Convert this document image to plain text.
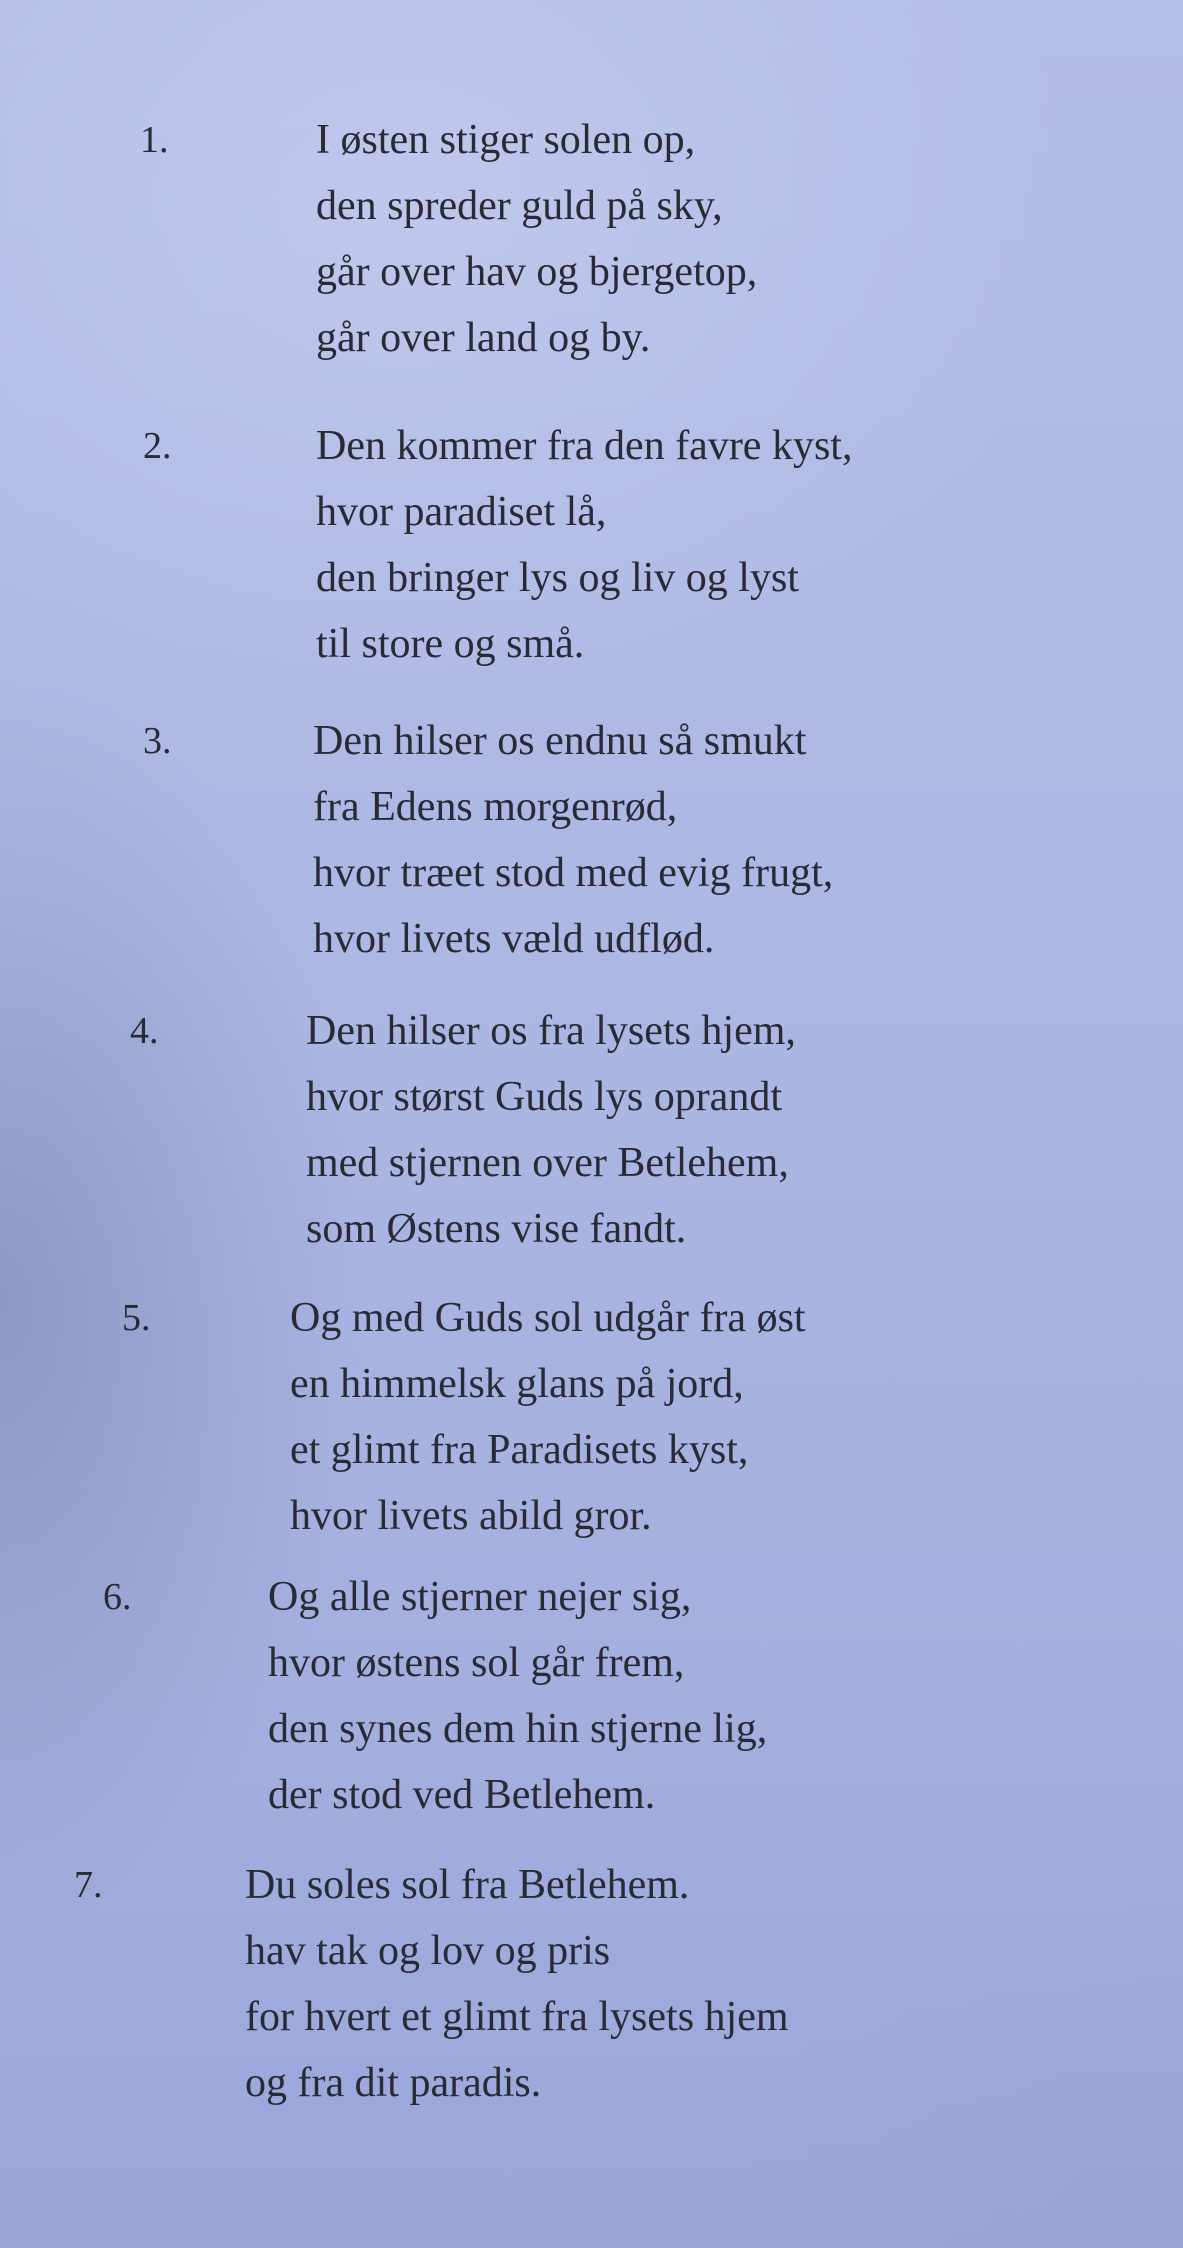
1.	I østen stiger solen op,
den spreder guld på sky,
går over hav og bjergetop,
går over land og by.
2.	Den kommer fra den favre kyst,
hvor paradiset lå,
den bringer lys og liv og lyst
til store og små.
3.	Den hilser os endnu så smukt
fra Edens morgenrød,
hvor træet stod med evig frugt,
hvor livets væld udflød.
4.	Den hilser os fra lysets hjem,
hvor størst Guds lys oprandt
med stjernen over Betlehem,
som Østens vise fandt.
5.	Og med Guds sol udgår fra øst
en himmelsk glans på jord,
et glimt fra Paradisets kyst,
hvor livets abild gror.
6.	Og alle stjerner nejer sig,
hvor østens sol går frem,
den synes dem hin stjerne lig,
der stod ved Betlehem.
7.	Du soles sol fra Betlehem.
hav tak og lov og pris
for hvert et glimt fra lysets hjem
og fra dit paradis.
